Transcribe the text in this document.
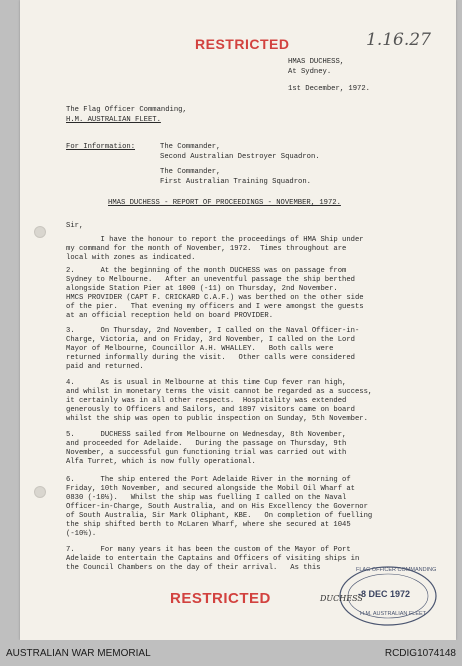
RESTRICTED	1.16.27

HMAS DUCHESS,

At Sydney.

1st December, 1972.

The Flag Officer Commanding,

H.M. AUSTRALIAN FLEET.

For Information:	The Commander,

Second Australian Destroyer Squadron.

The Commander,

First Australian Training Squadron.

HMAS DUCHESS - REPORT OF PROCEEDINGS - NOVEMBER, 1972.

Sir,

I have the honour to report the proceedings of HMA Ship under
my command for the month of November, 1972.  Times throughout are
local with zones as indicated.

2.      At the beginning of the month DUCHESS was on passage from
Sydney to Melbourne.   After an uneventful passage the ship berthed
alongside Station Pier at 1000 (-11) on Thursday, 2nd November.
HMCS PROVIDER (CAPT F. CRICKARD C.A.F.) was berthed on the other side
of the pier.   That evening my officers and I were amongst the guests
at an official reception held on board PROVIDER.

3.      On Thursday, 2nd November, I called on the Naval Officer-in-
Charge, Victoria, and on Friday, 3rd November, I called on the Lord
Mayor of Melbourne, Councillor A.H. WHALLEY.   Both calls were
returned informally during the visit.   Other calls were considered
paid and returned.

4.      As is usual in Melbourne at this time Cup fever ran high,
and whilst in monetary terms the visit cannot be regarded as a success,
it certainly was in all other respects.  Hospitality was extended
generously to Officers and Sailors, and 1897 visitors came on board
whilst the ship was open to public inspection on Sunday, 5th November.

5.      DUCHESS sailed from Melbourne on Wednesday, 8th November,
and proceeded for Adelaide.   During the passage on Thursday, 9th
November, a successful gun functioning trial was carried out with
Alfa Turret, which is now fully operational.

6.      The ship entered the Port Adelaide River in the morning of
Friday, 10th November, and secured alongside the Mobil Oil Wharf at
0830 (-10½).   Whilst the ship was fuelling I called on the Naval
Officer-in-Charge, South Australia, and on His Excellency the Governor
of South Australia, Sir Mark Oliphant, KBE.   On completion of fuelling
the ship shifted berth to McLaren Wharf, where she secured at 1045
(-10½).

7.      For many years it has been the custom of the Mayor of Port
Adelaide to entertain the Captains and Officers of visiting ships in
the Council Chambers on the day of their arrival.   As this

RESTRICTED
FLAG OFFICER COMMANDING
-8 DEC 1972
H.M. AUSTRALIAN FLEET
DUCHESS
AUSTRALIAN WAR MEMORIAL	RCDIG1074148
